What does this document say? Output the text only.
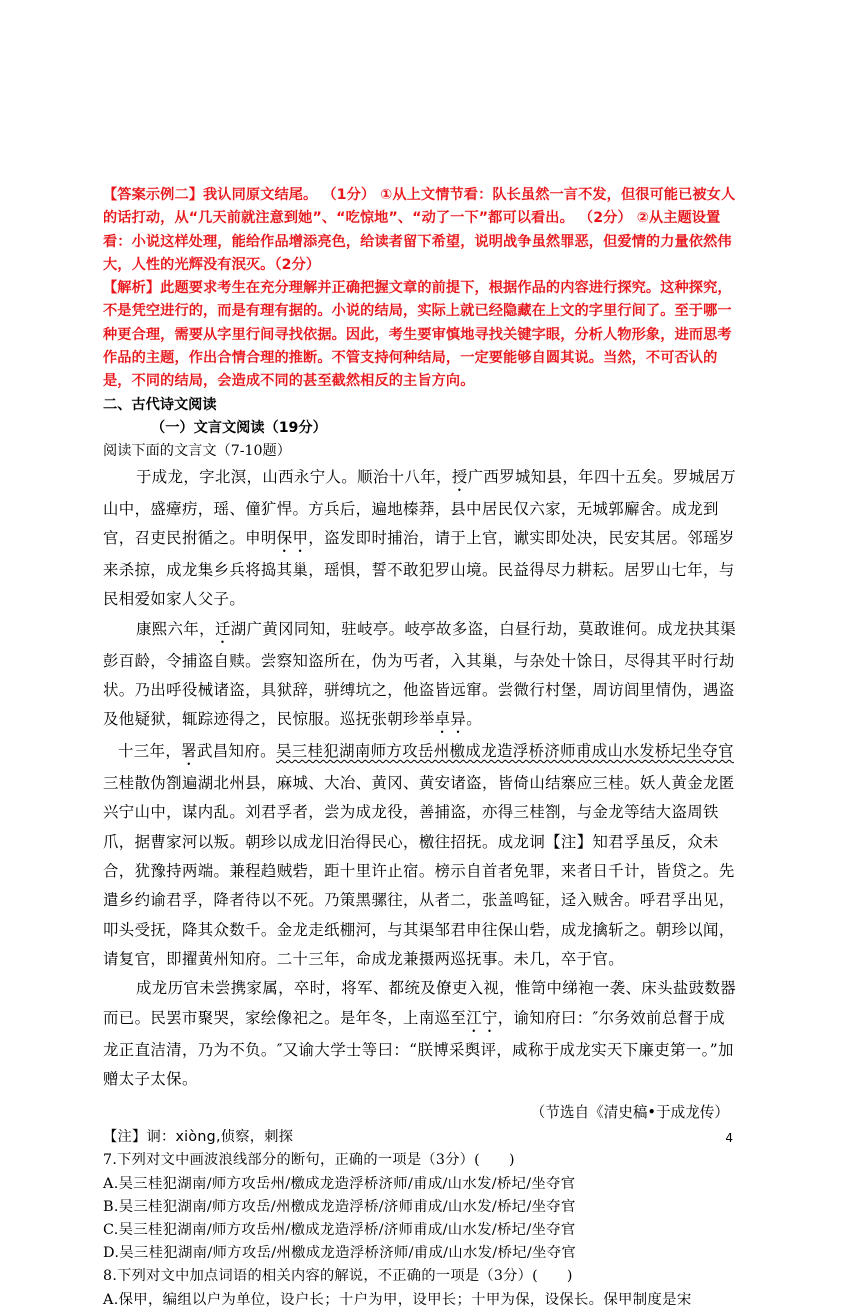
【答案示例二】我认同原文结尾。 （1分） ①从上文情节看：队长虽然一言不发，但很可能已被女人的话打动，从“几天前就注意到她”、“吃惊地”、“动了一下”都可以看出。 （2分） ②从主题设置看：小说这样处理，能给作品增添亮色，给读者留下希望，说明战争虽然罪恶，但爱情的力量依然伟大，人性的光辉没有泯灭。（2分）

【解析】此题要求考生在充分理解并正确把握文章的前提下，根据作品的内容进行探究。这种探究，不是凭空进行的，而是有理有据的。小说的结局，实际上就已经隐藏在上文的字里行间了。至于哪一种更合理，需要从字里行间寻找依据。因此，考生要审慎地寻找关键字眼，分析人物形象，进而思考作品的主题，作出合情合理的推断。不管支持何种结局，一定要能够自圆其说。当然，不可否认的是，不同的结局，会造成不同的甚至截然相反的主旨方向。

二、古代诗文阅读

（一）文言文阅读（19分）

阅读下面的文言文（7-10题）

于成龙，字北溟，山西永宁人。顺治十八年，授广西罗城知县，年四十五矣。罗城居万山中，盛瘴疠，瑶、僮犷悍。方兵后，遍地榛莽，县中居民仅六家，无城郭廨舍。成龙到官，召吏民拊循之。申明保甲，盗发即时捕治，请于上官，谳实即处决，民安其居。邻瑶岁来杀掠，成龙集乡兵将捣其巢，瑶惧，誓不敢犯罗山境。民益得尽力耕耘。居罗山七年，与民相爱如家人父子。

康熙六年，迁湖广黄冈同知，驻岐亭。岐亭故多盗，白昼行劫，莫敢谁何。成龙抉其渠彭百龄，令捕盗自赎。尝察知盗所在，伪为丐者，入其巢，与杂处十馀日，尽得其平时行劫状。乃出呼役械诸盗，具狱辞，骈缚坑之，他盗皆远窜。尝微行村堡，周访闾里情伪，遇盗及他疑狱，辄踪迹得之，民惊服。巡抚张朝珍举卓异。

十三年，署武昌知府。吴三桂犯湖南师方攻岳州檄成龙造浮桥济师甫成山水发桥圮坐夺官三桂散伪劄遍湖北州县，麻城、大冶、黄冈、黄安诸盗，皆倚山结寨应三桂。妖人黄金龙匿兴宁山中，谋内乱。刘君孚者，尝为成龙役，善捕盗，亦得三桂劄，与金龙等结大盗周铁爪，据曹家河以叛。朝珍以成龙旧治得民心，檄往招抚。成龙诇【注】知君孚虽反，众未合，犹豫持两端。兼程趋贼砦，距十里许止宿。榜示自首者免罪，来者日千计，皆贷之。先遣乡约谕君孚，降者待以不死。乃策黑骡往，从者二，张盖鸣钲，迳入贼舍。呼君孚出见，叩头受抚，降其众数千。金龙走纸棚河，与其渠邹君申往保山砦，成龙擒斩之。朝珍以闻，请复官，即擢黄州知府。二十三年，命成龙兼摄两巡抚事。未几，卒于官。

成龙历官未尝携家属，卒时，将军、都统及僚吏入视，惟笥中绨袍一袭、床头盐豉数器而已。民罢市聚哭，家绘像祀之。是年冬，上南巡至江宁，谕知府曰：″尔务效前总督于成龙正直洁清，乃为不负。″又谕大学士等曰：“朕博采舆评，咸称于成龙实天下廉吏第一。”加赠太子太保。

（节选自《清史稿•于成龙传）

【注】诇：xiòng,侦察，刺探

7.下列对文中画波浪线部分的断句，正确的一项是（3分）(　　)

A.吴三桂犯湖南/师方攻岳州/檄成龙造浮桥济师/甫成/山水发/桥圮/坐夺官

B.吴三桂犯湖南/师方攻岳/州檄成龙造浮桥/济师甫成/山水发/桥圮/坐夺官

C.吴三桂犯湖南/师方攻岳州/檄成龙造浮桥/济师甫成/山水发/桥圮/坐夺官

D.吴三桂犯湖南/师方攻岳/州檄成龙造浮桥济师/甫成/山水发/桥圮/坐夺官

8.下列对文中加点词语的相关内容的解说，不正确的一项是（3分）(　　)

A.保甲，编组以户为单位，设户长；十户为甲，设甲长；十甲为保，设保长。保甲制度是宋

4
